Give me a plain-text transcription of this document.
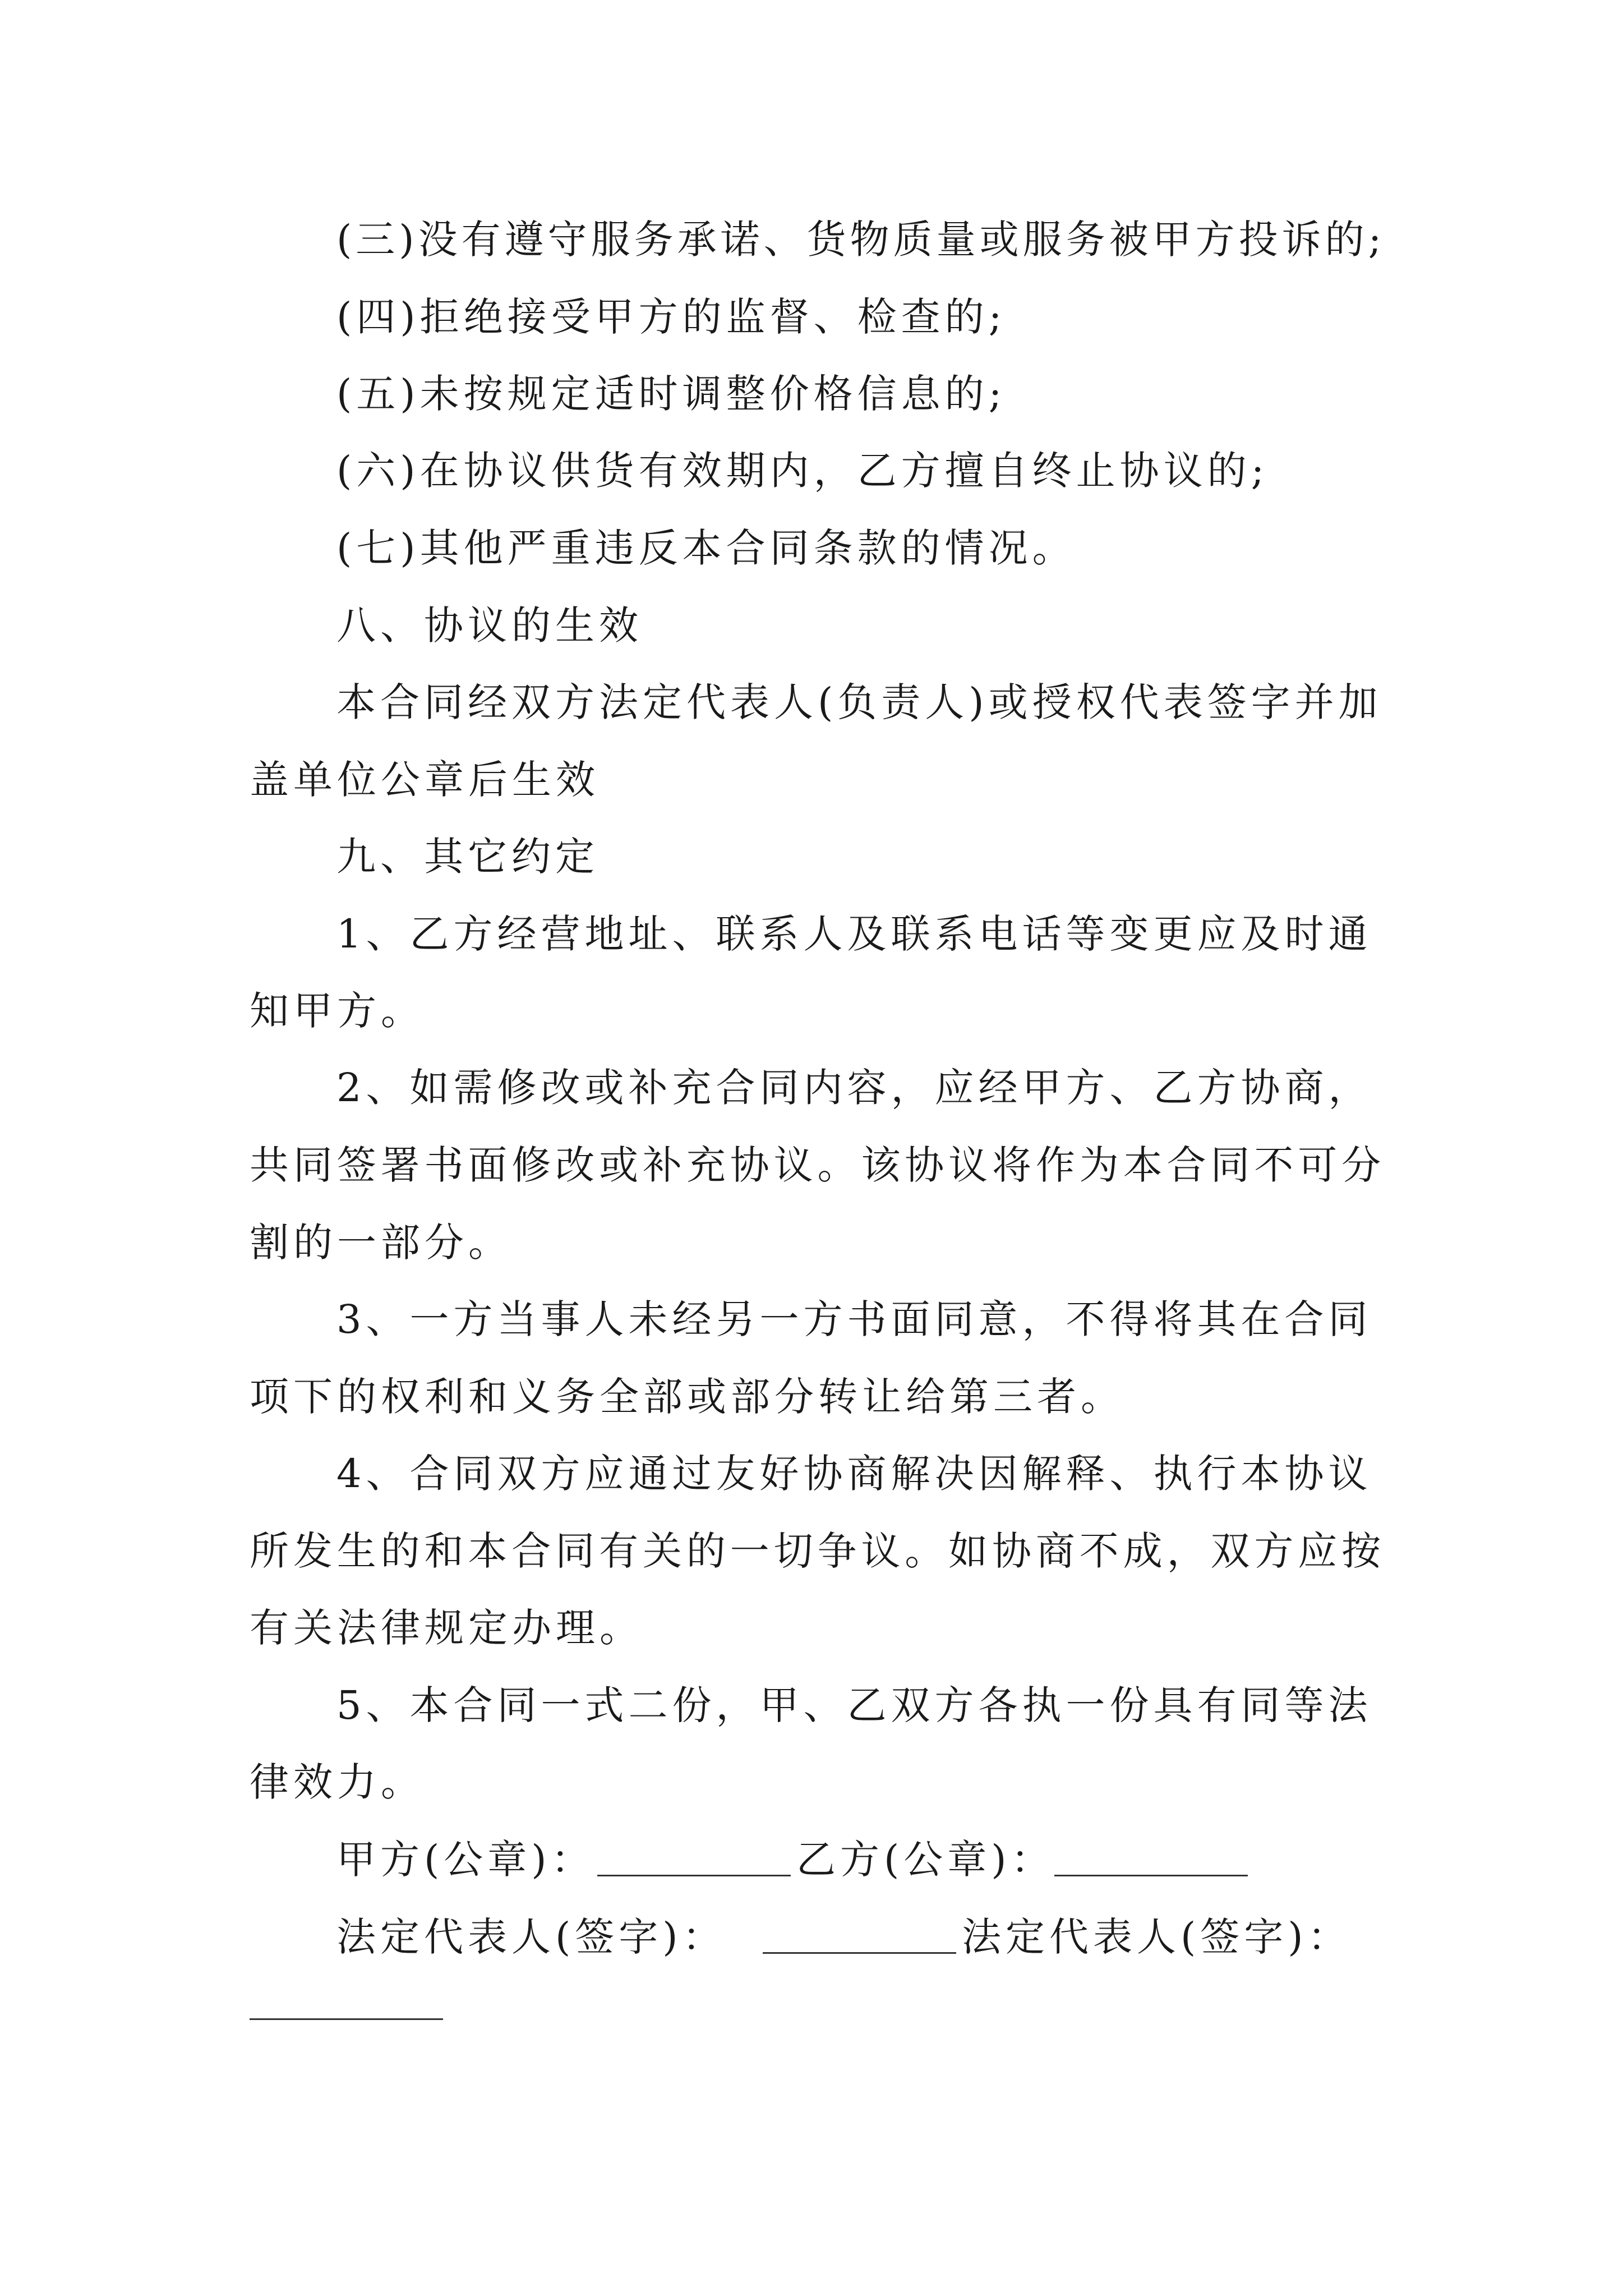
(三)没有遵守服务承诺、货物质量或服务被甲方投诉的;
(四)拒绝接受甲方的监督、检查的;
(五)未按规定适时调整价格信息的;
(六)在协议供货有效期内，乙方擅自终止协议的;
(七)其他严重违反本合同条款的情况。
八、协议的生效
本合同经双方法定代表人(负责人)或授权代表签字并加
盖单位公章后生效
九、其它约定
1、乙方经营地址、联系人及联系电话等变更应及时通
知甲方。
2、如需修改或补充合同内容，应经甲方、乙方协商，
共同签署书面修改或补充协议。该协议将作为本合同不可分
割的一部分。
3、一方当事人未经另一方书面同意，不得将其在合同
项下的权利和义务全部或部分转让给第三者。
4、合同双方应通过友好协商解决因解释、执行本协议
所发生的和本合同有关的一切争议。如协商不成，双方应按
有关法律规定办理。
5、本合同一式二份，甲、乙双方各执一份具有同等法
律效力。
甲方(公章)：	乙方(公章)：
法定代表人(签字)：	法定代表人(签字)：
